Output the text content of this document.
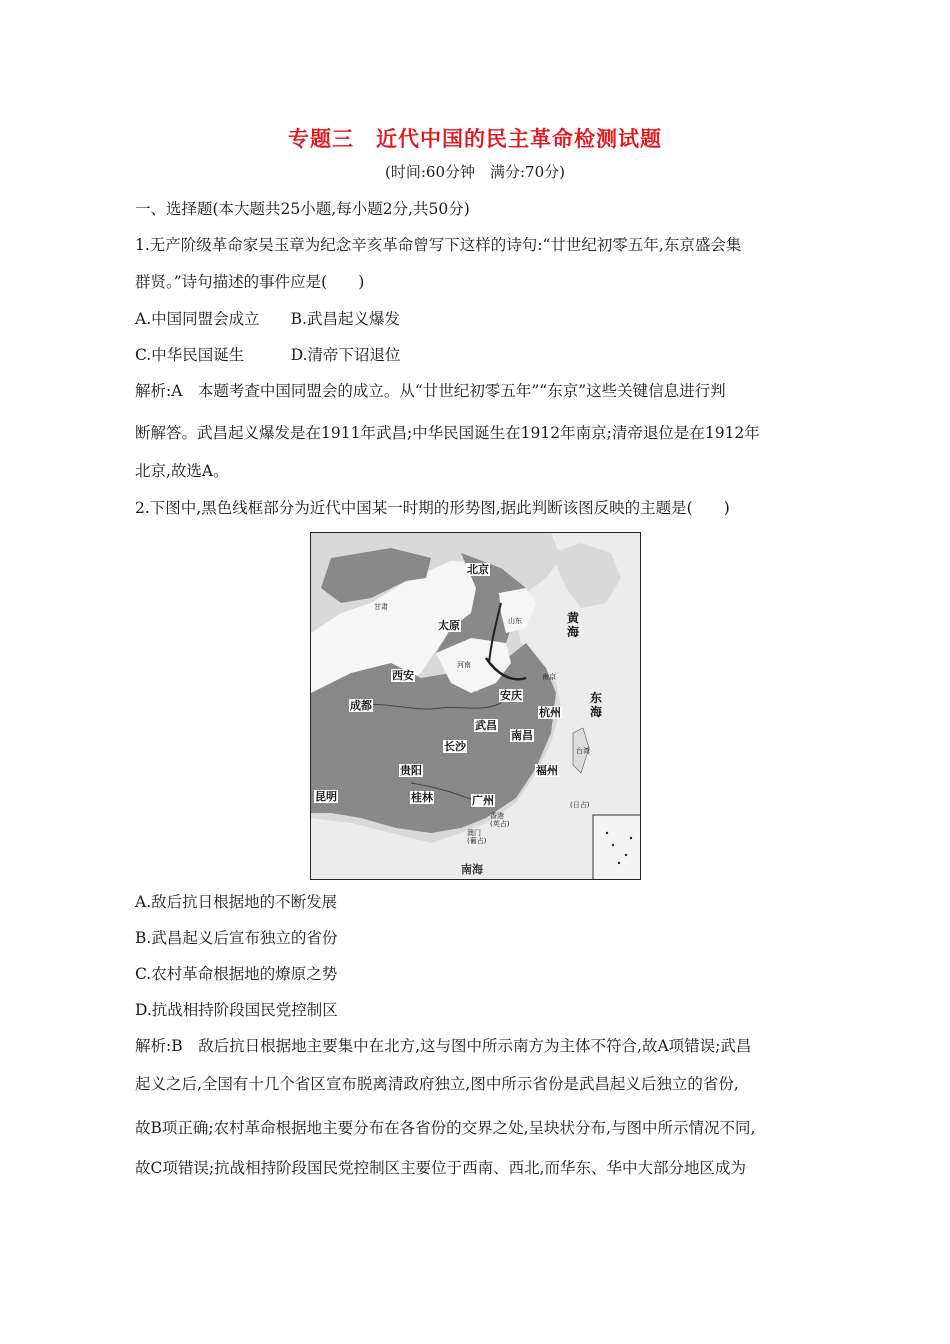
专题三　近代中国的民主革命检测试题
(时间:60分钟　满分:70分)
一、选择题(本大题共25小题,每小题2分,共50分)
1.无产阶级革命家吴玉章为纪念辛亥革命曾写下这样的诗句:“廿世纪初零五年,东京盛会集
群贤。”诗句描述的事件应是(　　)
A.中国同盟会成立　　B.武昌起义爆发
C.中华民国诞生　　　D.清帝下诏退位
解析:A　本题考查中国同盟会的成立。从“廿世纪初零五年”“东京”这些关键信息进行判
断解答。武昌起义爆发是在1911年武昌;中华民国诞生在1912年南京;清帝退位是在1912年
北京,故选A。
2.下图中,黑色线框部分为近代中国某一时期的形势图,据此判断该图反映的主题是(　　)
北京
太原
西安
成都
武昌
安庆
南京
杭州
南昌
长沙
贵阳
昆明	桂林	广州
福州
香港
(英占)
澳门
(葡占)
台湾
(日占)
黄海
东海
南海
甘肃
河南
山东
A.敌后抗日根据地的不断发展
B.武昌起义后宣布独立的省份
C.农村革命根据地的燎原之势
D.抗战相持阶段国民党控制区
解析:B　敌后抗日根据地主要集中在北方,这与图中所示南方为主体不符合,故A项错误;武昌
起义之后,全国有十几个省区宣布脱离清政府独立,图中所示省份是武昌起义后独立的省份,
故B项正确;农村革命根据地主要分布在各省份的交界之处,呈块状分布,与图中所示情况不同,
故C项错误;抗战相持阶段国民党控制区主要位于西南、西北,而华东、华中大部分地区成为
